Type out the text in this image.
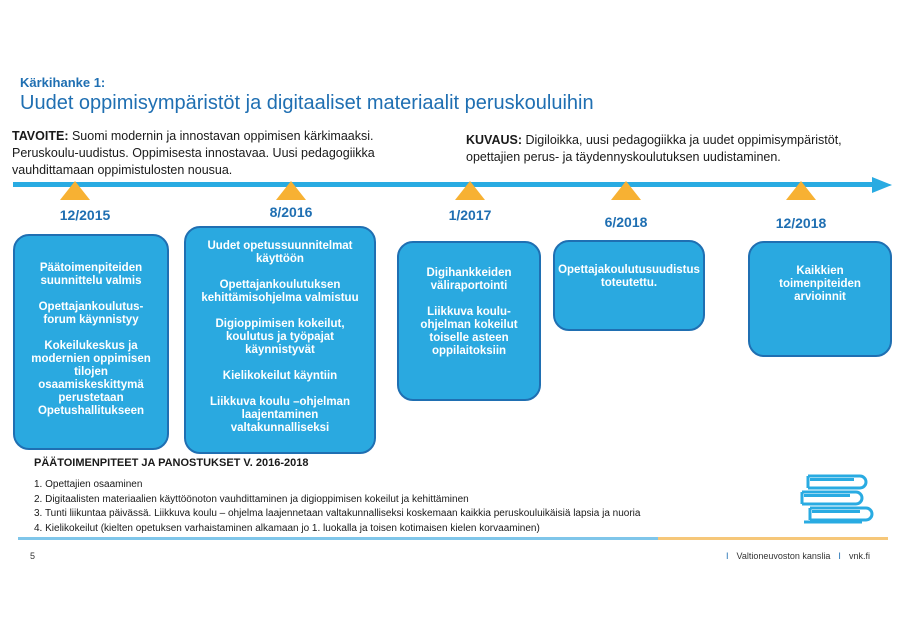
Kärkihanke 1:
Uudet oppimisympäristöt ja digitaaliset materiaalit peruskouluihin
TAVOITE: Suomi modernin ja innostavan oppimisen kärkimaaksi. Peruskoulu-uudistus. Oppimisesta innostavaa. Uusi pedagogiikka vauhdittamaan oppimistulosten nousua.
KUVAUS: Digiloikka, uusi pedagogiikka ja uudet oppimisympäristöt, opettajien perus- ja täydennyskoulutuksen uudistaminen.
12/2015	8/2016	1/2017	6/2018	12/2018
Päätoimenpiteiden suunnittelu valmis
Opettajankoulutus-forum käynnistyy
Kokeilukeskus ja modernien oppimisen tilojen osaamiskeskittymä perustetaan Opetushallitukseen
Uudet opetussuunnitelmat käyttöön
Opettajankoulutuksen kehittämisohjelma valmistuu
Digioppimisen kokeilut, koulutus ja työpajat käynnistyvät
Kielikokeilut käyntiin
Liikkuva koulu –ohjelman laajentaminen valtakunnalliseksi
Digihankkeiden väliraportointi
Liikkuva koulu-ohjelman kokeilut toiselle asteen oppilaitoksiin
Opettajakoulutusuudistus toteutettu.
Kaikkien toimenpiteiden arvioinnit
PÄÄTOIMENPITEET JA PANOSTUKSET V. 2016-2018
1. Opettajien osaaminen
2. Digitaalisten materiaalien käyttöönoton vauhdittaminen ja digioppimisen kokeilut ja kehittäminen
3. Tunti liikuntaa päivässä. Liikkuva koulu – ohjelma laajennetaan valtakunnalliseksi koskemaan kaikkia peruskouluikäisiä lapsia ja nuoria
4. Kielikokeilut (kielten opetuksen varhaistaminen alkamaan jo 1. luokalla ja toisen kotimaisen kielen korvaaminen)
5	I Valtioneuvoston kanslia I vnk.fi
